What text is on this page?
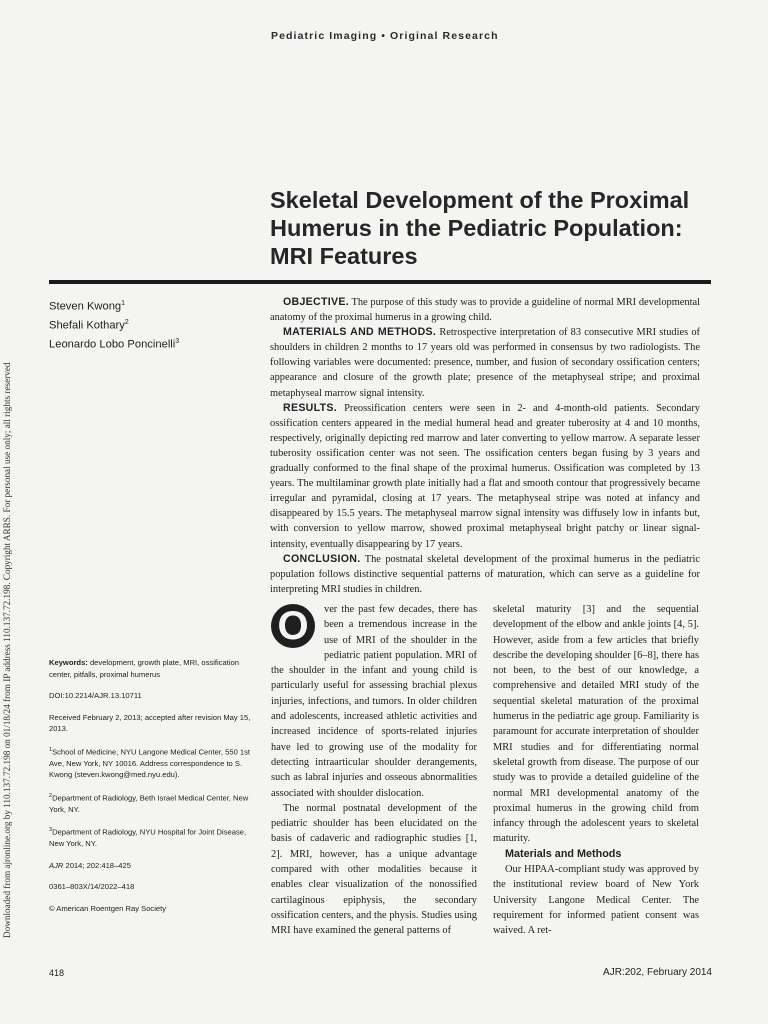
Downloaded from ajronline.org by 110.137.72.198 on 01/18/24 from IP address 110.137.72.198. Copyright ARRS. For personal use only; all rights reserved
Pediatric Imaging • Original Research
Skeletal Development of the Proximal Humerus in the Pediatric Population: MRI Features
Steven Kwong$^1$
Shefali Kothary$^2$
Leonardo Lobo Poncinelli$^3$

OBJECTIVE. The purpose of this study was to provide a guideline of normal MRI developmental anatomy of the proximal humerus in a growing child.

MATERIALS AND METHODS. Retrospective interpretation of 83 consecutive MRI studies of shoulders in children 2 months to 17 years old was performed in consensus by two radiologists. The following variables were documented: presence, number, and fusion of secondary ossification centers; appearance and closure of the growth plate; presence of the metaphyseal stripe; and proximal metaphyseal marrow signal intensity.

RESULTS. Preossification centers were seen in 2- and 4-month-old patients. Secondary ossification centers appeared in the medial humeral head and greater tuberosity at 4 and 10 months, respectively, originally depicting red marrow and later converting to yellow marrow. A separate lesser tuberosity ossification center was not seen. The ossification centers began fusing by 3 years and gradually conformed to the final shape of the proximal humerus. Ossification was completed by 13 years. The multilaminar growth plate initially had a flat and smooth contour that progressively became irregular and pyramidal, closing at 17 years. The metaphyseal stripe was noted at infancy and disappeared by 15.5 years. The metaphyseal marrow signal intensity was diffusely low in infants but, with conversion to yellow marrow, showed proximal metaphyseal bright patchy or linear signal-intensity, eventually disappearing by 17 years.

CONCLUSION. The postnatal skeletal development of the proximal humerus in the pediatric population follows distinctive sequential patterns of maturation, which can serve as a guideline for interpreting MRI studies in children.

Keywords: development, growth plate, MRI, ossification center, pitfalls, proximal humerus

DOI:10.2214/AJR.13.10711

Received February 2, 2013; accepted after revision May 15, 2013.

$^1$School of Medicine, NYU Langone Medical Center, 550 1st Ave, New York, NY 10016. Address correspondence to S. Kwong (steven.kwong@med.nyu.edu).

$^2$Department of Radiology, Beth Israel Medical Center, New York, NY.

$^3$Department of Radiology, NYU Hospital for Joint Disease, New York, NY.

AJR 2014; 202:418–425

0361–803X/14/2022–418

© American Roentgen Ray Society

O	ver the past few decades, there has been a tremendous increase in the use of MRI of the shoulder in the pediatric patient population. MRI of the shoulder in the infant and young child is particularly useful for assessing brachial plexus injuries, infections, and tumors. In older children and adolescents, increased athletic activities and increased incidence of sports-related injuries have led to growing use of the modality for detecting intraarticular shoulder derangements, such as labral injuries and osseous abnormalities associated with shoulder dislocation.

The normal postnatal development of the pediatric shoulder has been elucidated on the basis of cadaveric and radiographic studies [1, 2]. MRI, however, has a unique advantage compared with other modalities because it enables clear visualization of the nonossified cartilaginous epiphysis, the secondary ossification centers, and the physis. Studies using MRI have examined the general patterns of

skeletal maturity [3] and the sequential development of the elbow and ankle joints [4, 5]. However, aside from a few articles that briefly describe the developing shoulder [6–8], there has not been, to the best of our knowledge, a comprehensive and detailed MRI study of the sequential skeletal maturation of the proximal humerus in the pediatric age group. Familiarity is paramount for accurate interpretation of shoulder MRI studies and for differentiating normal skeletal growth from disease. The purpose of our study was to provide a detailed guideline of the normal MRI developmental anatomy of the proximal humerus in the growing child from infancy through the adolescent years to skeletal maturity.

Materials and Methods

Our HIPAA-compliant study was approved by the institutional review board of New York University Langone Medical Center. The requirement for informed patient consent was waived. A ret-

418	AJR:202, February 2014
